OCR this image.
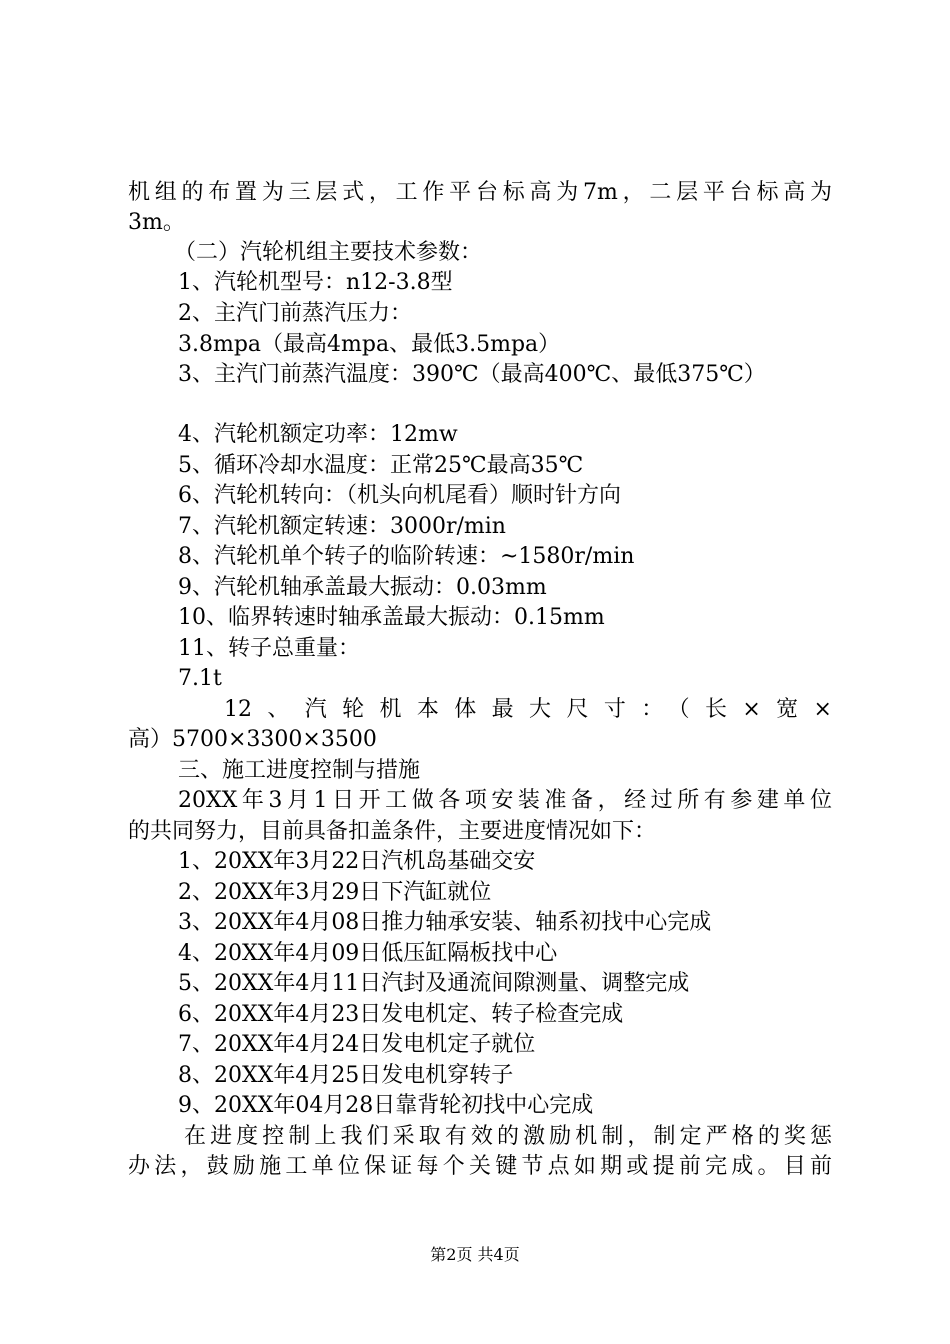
机组的布置为三层式，工作平台标高为7m，二层平台标高为
3m。
（二）汽轮机组主要技术参数：
1、汽轮机型号：n12-3.8型
2、主汽门前蒸汽压力：
3.8mpa（最高4mpa、最低3.5mpa）
3、主汽门前蒸汽温度：390℃（最高400℃、最低375℃）
4、汽轮机额定功率：12mw
5、循环冷却水温度：正常25℃最高35℃
6、汽轮机转向：（机头向机尾看）顺时针方向
7、汽轮机额定转速：3000r/min
8、汽轮机单个转子的临阶转速：~1580r/min
9、汽轮机轴承盖最大振动：0.03mm
10、临界转速时轴承盖最大振动：0.15mm
11、转子总重量：
7.1t
12、汽轮机本体最大尺寸：（长×宽×
高）5700×3300×3500
三、施工进度控制与措施
20XX年3月1日开工做各项安装准备，经过所有参建单位
的共同努力，目前具备扣盖条件，主要进度情况如下：
1、20XX年3月22日汽机岛基础交安
2、20XX年3月29日下汽缸就位
3、20XX年4月08日推力轴承安装、轴系初找中心完成
4、20XX年4月09日低压缸隔板找中心
5、20XX年4月11日汽封及通流间隙测量、调整完成
6、20XX年4月23日发电机定、转子检查完成
7、20XX年4月24日发电机定子就位
8、20XX年4月25日发电机穿转子
9、20XX年04月28日靠背轮初找中心完成
在进度控制上我们采取有效的激励机制，制定严格的奖惩
办法，鼓励施工单位保证每个关键节点如期或提前完成。目前
第2页 共4页
